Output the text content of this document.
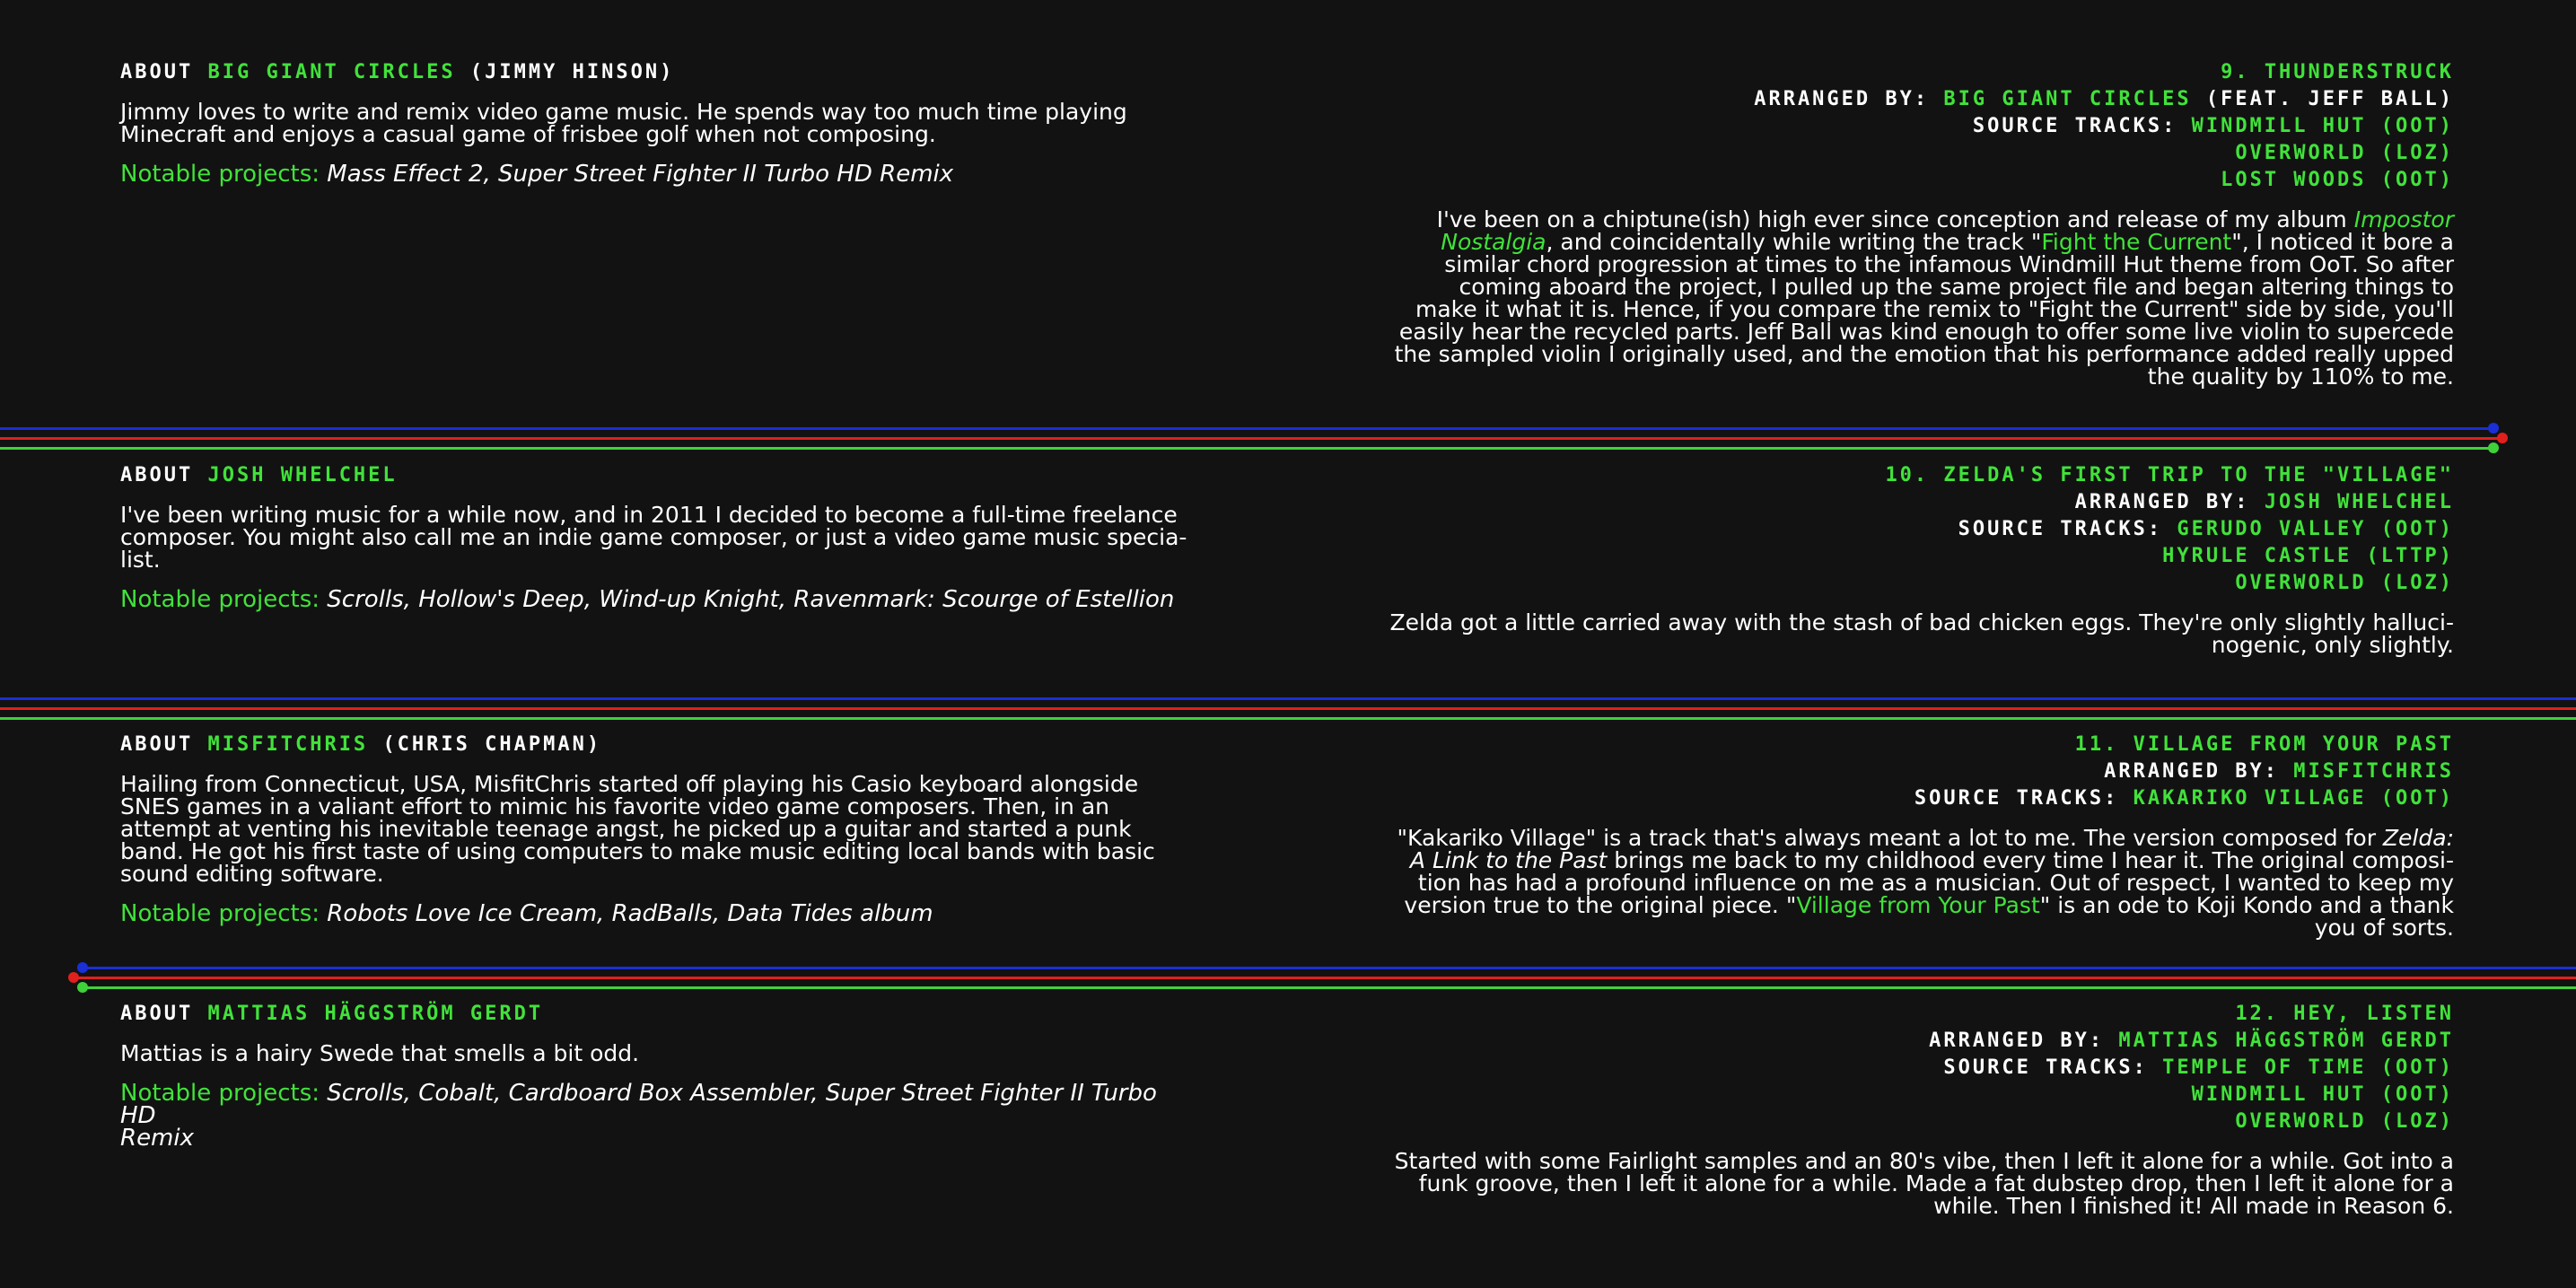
ABOUT BIG GIANT CIRCLES (JIMMY HINSON)
Jimmy loves to write and remix video game music. He spends way too much time playing
Minecraft and enjoys a casual game of frisbee golf when not composing.
Notable projects: Mass Effect 2, Super Street Fighter II Turbo HD Remix
9. THUNDERSTRUCK
ARRANGED BY: BIG GIANT CIRCLES (FEAT. JEFF BALL)
SOURCE TRACKS: WINDMILL HUT (OOT)
OVERWORLD (LOZ)
LOST WOODS (OOT)
I've been on a chiptune(ish) high ever since conception and release of my album Impostor
Nostalgia, and coincidentally while writing the track "Fight the Current", I noticed it bore a
similar chord progression at times to the infamous Windmill Hut theme from OoT. So after
coming aboard the project, I pulled up the same project file and began altering things to
make it what it is. Hence, if you compare the remix to "Fight the Current" side by side, you'll
easily hear the recycled parts. Jeff Ball was kind enough to offer some live violin to supercede
the sampled violin I originally used, and the emotion that his performance added really upped
the quality by 110% to me.
ABOUT JOSH WHELCHEL
I've been writing music for a while now, and in 2011 I decided to become a full-time freelance
composer. You might also call me an indie game composer, or just a video game music specia-
list.
Notable projects: Scrolls, Hollow's Deep, Wind-up Knight, Ravenmark: Scourge of Estellion
10. ZELDA'S FIRST TRIP TO THE "VILLAGE"
ARRANGED BY: JOSH WHELCHEL
SOURCE TRACKS: GERUDO VALLEY (OOT)
HYRULE CASTLE (LTTP)
OVERWORLD (LOZ)
Zelda got a little carried away with the stash of bad chicken eggs. They're only slightly halluci-
nogenic, only slightly.
ABOUT MISFITCHRIS (CHRIS CHAPMAN)
Hailing from Connecticut, USA, MisfitChris started off playing his Casio keyboard alongside
SNES games in a valiant effort to mimic his favorite video game composers. Then, in an
attempt at venting his inevitable teenage angst, he picked up a guitar and started a punk
band. He got his first taste of using computers to make music editing local bands with basic
sound editing software.
Notable projects: Robots Love Ice Cream, RadBalls, Data Tides album
11. VILLAGE FROM YOUR PAST
ARRANGED BY: MISFITCHRIS
SOURCE TRACKS: KAKARIKO VILLAGE (OOT)
"Kakariko Village" is a track that's always meant a lot to me. The version composed for Zelda:
A Link to the Past brings me back to my childhood every time I hear it. The original composi-
tion has had a profound influence on me as a musician. Out of respect, I wanted to keep my
version true to the original piece. "Village from Your Past" is an ode to Koji Kondo and a thank
you of sorts.
ABOUT MATTIAS HÄGGSTRÖM GERDT
Mattias is a hairy Swede that smells a bit odd.
Notable projects: Scrolls, Cobalt, Cardboard Box Assembler, Super Street Fighter II Turbo HD
Remix
12. HEY, LISTEN
ARRANGED BY: MATTIAS HÄGGSTRÖM GERDT
SOURCE TRACKS: TEMPLE OF TIME (OOT)
WINDMILL HUT (OOT)
OVERWORLD (LOZ)
Started with some Fairlight samples and an 80's vibe, then I left it alone for a while. Got into a
funk groove, then I left it alone for a while. Made a fat dubstep drop, then I left it alone for a
while. Then I finished it! All made in Reason 6.
